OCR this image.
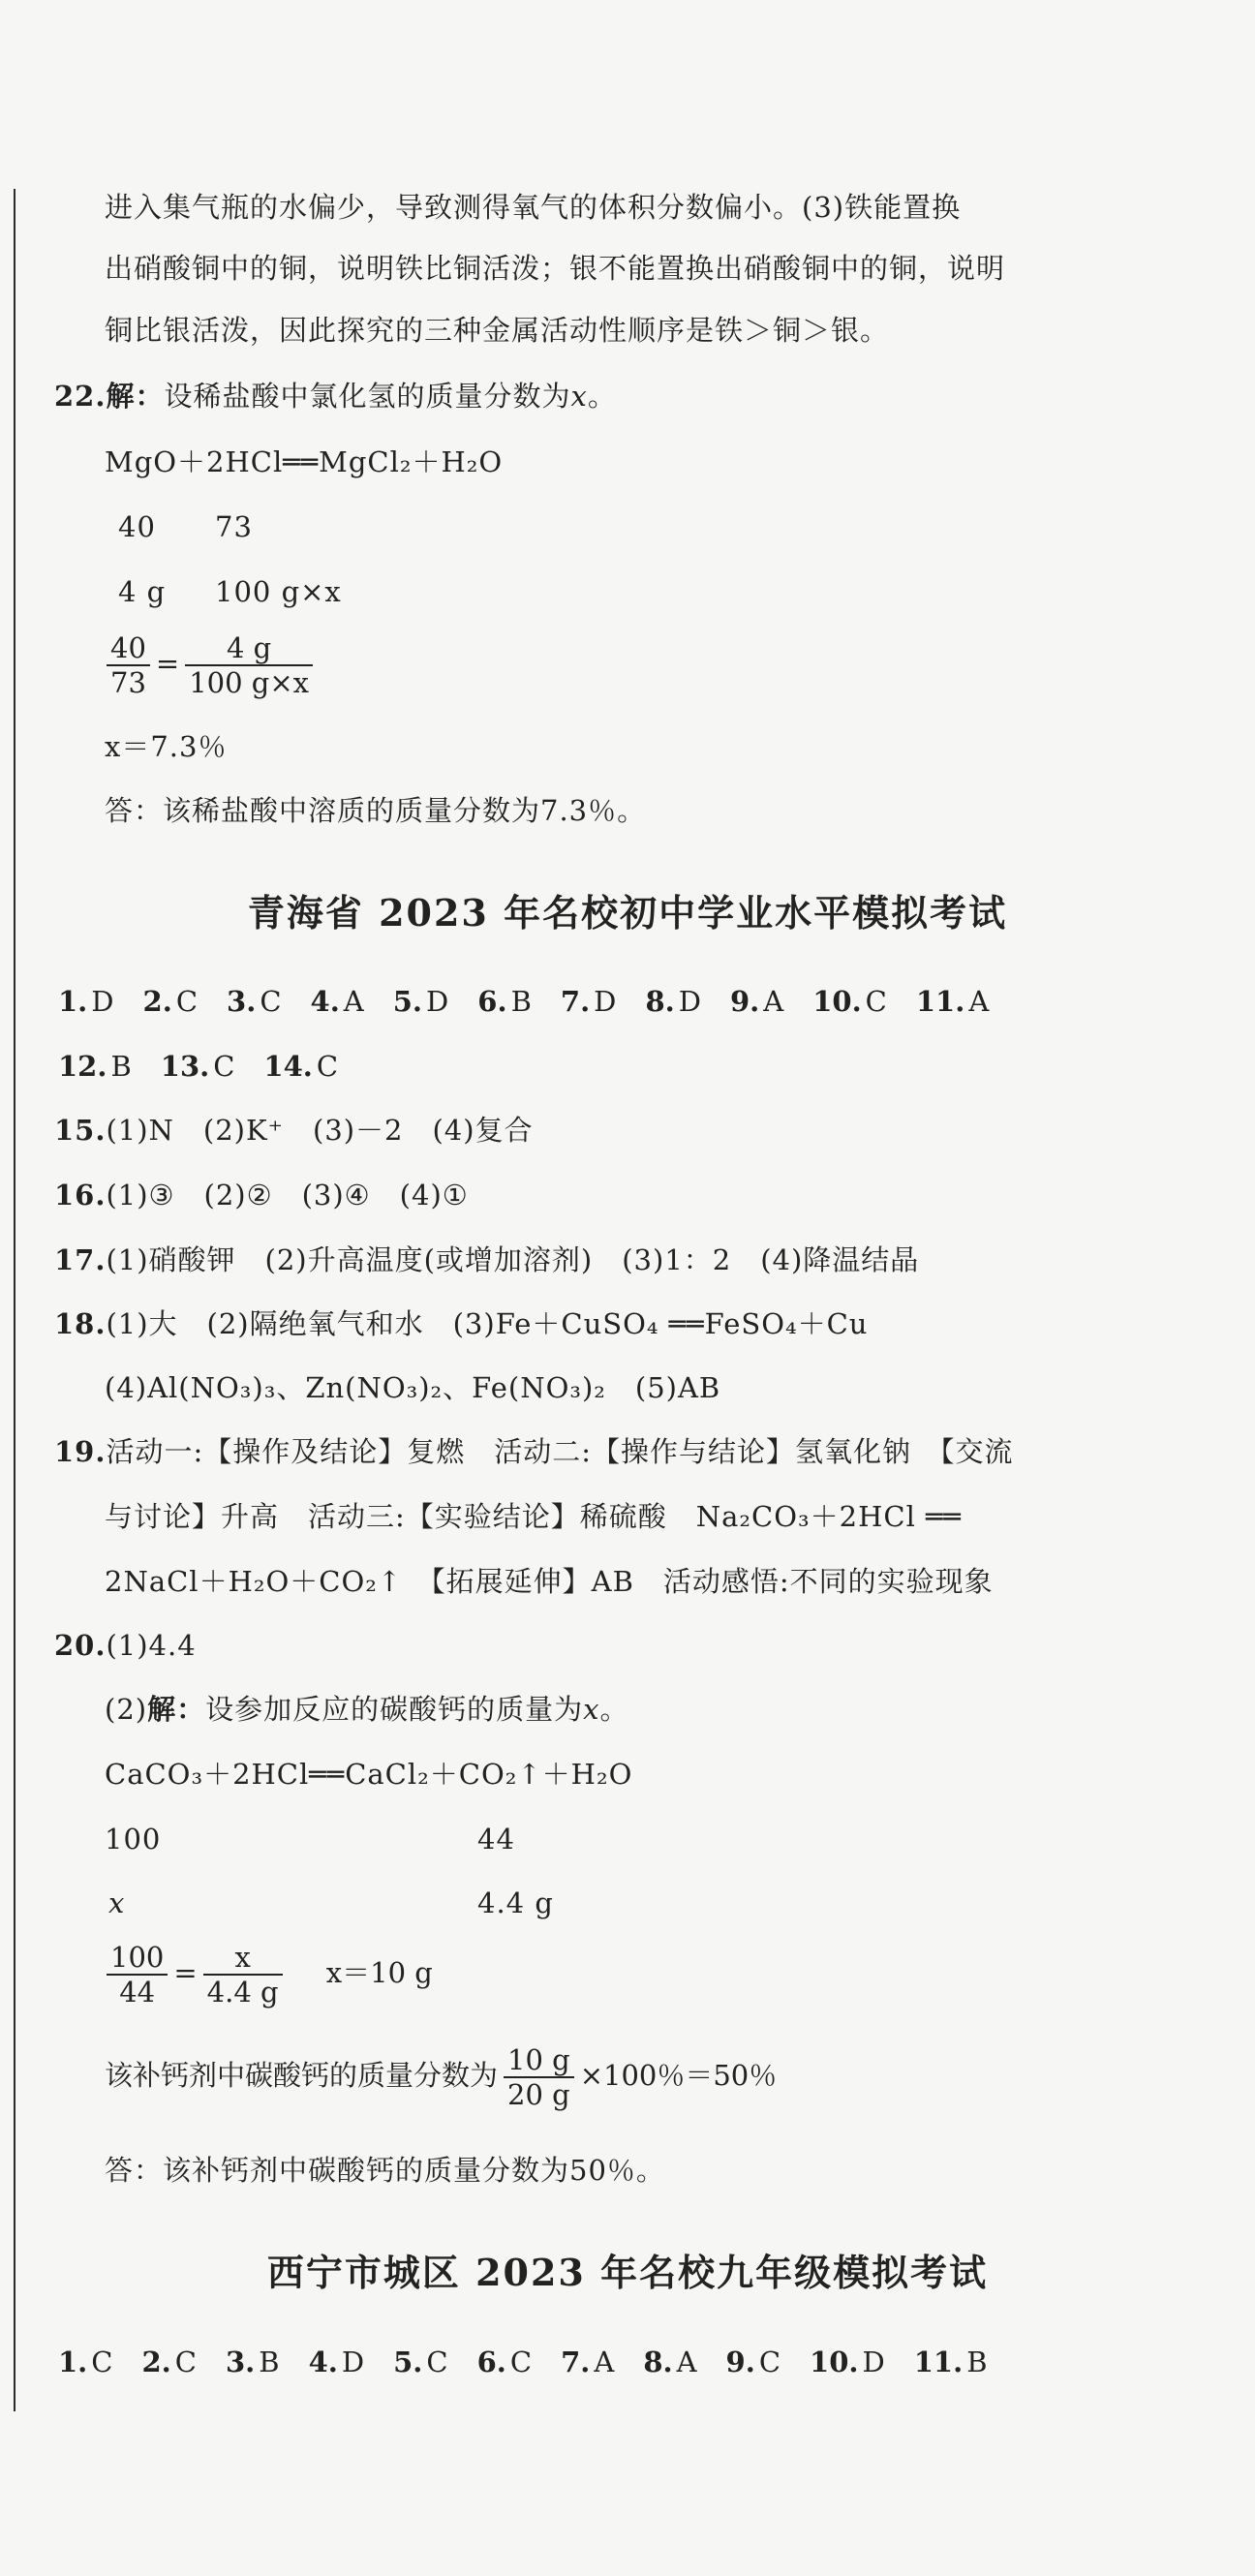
进入集气瓶的水偏少，导致测得氧气的体积分数偏小。(3)铁能置换
出硝酸铜中的铜，说明铁比铜活泼；银不能置换出硝酸铜中的铜，说明
铜比银活泼，因此探究的三种金属活动性顺序是铁＞铜＞银。
22.解：设稀盐酸中氯化氢的质量分数为x。
MgO＋2HCl══MgCl₂＋H₂O
40 73
4 g 100 g×x
$\frac{40}{73} = \frac{4 g}{100 g\times x}$
x＝7.3％
答：该稀盐酸中溶质的质量分数为7.3％。
青海省 2023 年名校初中学业水平模拟考试
1. D 2. C 3. C 4. A 5. D 6. B 7. D 8. D 9. A 10. C 11. A
12. B 13. C 14. C
15.(1)N　(2)K⁺　(3)－2　(4)复合
16.(1)③　(2)②　(3)④　(4)①
17.(1)硝酸钾　(2)升高温度(或增加溶剂)　(3)1：2　(4)降温结晶
18.(1)大　(2)隔绝氧气和水　(3)Fe＋CuSO₄ ══FeSO₄＋Cu
(4)Al(NO₃)₃、Zn(NO₃)₂、Fe(NO₃)₂　(5)AB
19.活动一:【操作及结论】复燃　活动二:【操作与结论】氢氧化钠　【交流
与讨论】升高　活动三:【实验结论】稀硫酸　Na₂CO₃＋2HCl ══
2NaCl＋H₂O＋CO₂↑　【拓展延伸】AB　活动感悟:不同的实验现象
20.(1)4.4
(2)解：设参加反应的碳酸钙的质量为x。
CaCO₃＋2HCl══CaCl₂＋CO₂↑＋H₂O
100	44
x	4.4 g
$\frac{100}{44} = \frac{x}{4.4 g} x=10$ g
该补钙剂中碳酸钙的质量分数为 $\frac{10 g}{20 g} \times 100$％＝50％
答：该补钙剂中碳酸钙的质量分数为50％。
西宁市城区 2023 年名校九年级模拟考试
1. C 2. C 3. B 4. D 5. C 6. C 7. A 8. A 9. C 10. D 11. B
